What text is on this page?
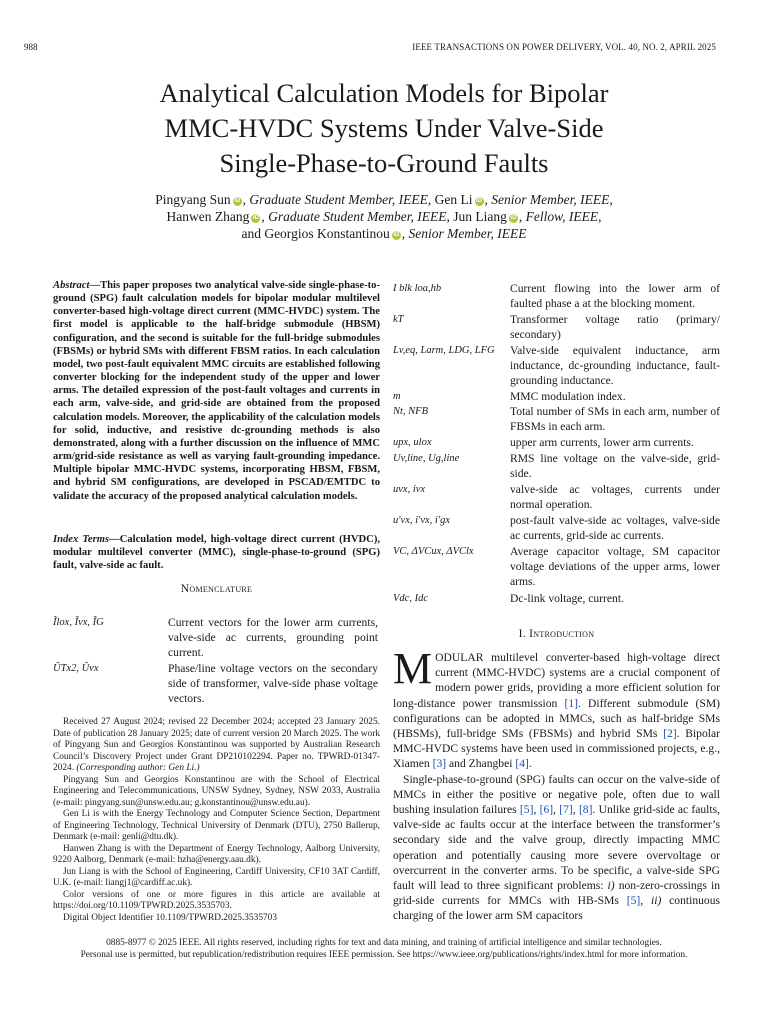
988	IEEE TRANSACTIONS ON POWER DELIVERY, VOL. 40, NO. 2, APRIL 2025
Analytical Calculation Models for Bipolar
MMC-HVDC Systems Under Valve-Side
Single-Phase-to-Ground Faults
Pingyang Sun iD , Graduate Student Member, IEEE, Gen Li iD , Senior Member, IEEE,
Hanwen Zhang iD , Graduate Student Member, IEEE, Jun Liang iD , Fellow, IEEE,
and Georgios Konstantinou iD , Senior Member, IEEE
Abstract—This paper proposes two analytical valve-side single-phase-to-ground (SPG) fault calculation models for bipolar modular multilevel converter-based high-voltage direct current (MMC-HVDC) system. The first model is applicable to the half-bridge submodule (HBSM) configuration, and the second is suitable for the full-bridge submodules (FBSMs) or hybrid SMs with different FBSM ratios. In each calculation model, two post-fault equivalent MMC circuits are established following converter blocking for the independent study of the upper and lower arms. The detailed expression of the post-fault voltages and currents in each arm, valve-side, and grid-side are obtained from the proposed calculation models. Moreover, the applicability of the calculation models for solid, inductive, and resistive dc-grounding methods is also demonstrated, along with a further discussion on the influence of MMC arm/grid-side resistance as well as varying fault-grounding impedance. Multiple bipolar MMC-HVDC systems, incorporating HBSM, FBSM, and hybrid SM configurations, are developed in PSCAD/EMTDC to validate the accuracy of the proposed analytical calculation models.
Index Terms—Calculation model, high-voltage direct current (HVDC), modular multilevel converter (MMC), single-phase-to-ground (SPG) fault, valve-side ac fault.
Nomenclature
Ĩlox, Ĩvx, ĨG	Current vectors for the lower arm currents, valve-side ac currents, grounding point current.
ŨTx2, Ũvx	Phase/line voltage vectors on the secondary side of transformer, valve-side phase voltage vectors.
I blk loa,hb	Current flowing into the lower arm of faulted phase a at the blocking moment.
kT	Transformer voltage ratio (primary/ secondary)
Lv,eq, Larm, LDG, LFG	Valve-side equivalent inductance, arm inductance, dc-grounding inductance, fault-grounding inductance.
m	MMC modulation index.
Nt, NFB	Total number of SMs in each arm, number of FBSMs in each arm.
upx, ulox	upper arm currents, lower arm currents.
Uv,line, Ug,line	RMS line voltage on the valve-side, grid-side.
uvx, ivx	valve-side ac voltages, currents under normal operation.
u′vx, i′vx, i′gx	post-fault valve-side ac voltages, valve-side ac currents, grid-side ac currents.
VC, ΔVCux, ΔVClx	Average capacitor voltage, SM capacitor voltage deviations of the upper arms, lower arms.
Vdc, Idc	Dc-link voltage, current.

Received 27 August 2024; revised 22 December 2024; accepted 23 January 2025. Date of publication 28 January 2025; date of current version 20 March 2025. The work of Pingyang Sun and Georgios Konstantinou was supported by Australian Research Council’s Discovery Project under Grant DP210102294. Paper no. TPWRD-01347-2024. (Corresponding author: Gen Li.)

Pingyang Sun and Georgios Konstantinou are with the School of Electrical Engineering and Telecommunications, UNSW Sydney, Sydney, NSW 2033, Australia (e-mail: pingyang.sun@unsw.edu.au; g.konstantinou@unsw.edu.au).

Gen Li is with the Energy Technology and Computer Science Section, Department of Engineering Technology, Technical University of Denmark (DTU), 2750 Ballerup, Denmark (e-mail: genli@dtu.dk).

Hanwen Zhang is with the Department of Energy Technology, Aalborg University, 9220 Aalborg, Denmark (e-mail: hzha@energy.aau.dk).

Jun Liang is with the School of Engineering, Cardiff University, CF10 3AT Cardiff, U.K. (e-mail: liangj1@cardiff.ac.uk).

Color versions of one or more figures in this article are available at https://doi.org/10.1109/TPWRD.2025.3535703.

Digital Object Identifier 10.1109/TPWRD.2025.3535703

I. Introduction

MODULAR multilevel converter-based high-voltage direct current (MMC-HVDC) systems are a crucial component of modern power grids, providing a more efficient solution for long-distance power transmission [1]. Different submodule (SM) configurations can be adopted in MMCs, such as half-bridge SMs (HBSMs), full-bridge SMs (FBSMs) and hybrid SMs [2]. Bipolar MMC-HVDC systems have been used in commissioned projects, e.g., Xiamen [3] and Zhangbei [4].

Single-phase-to-ground (SPG) faults can occur on the valve-side of MMCs in either the positive or negative pole, often due to wall bushing insulation failures [5], [6], [7], [8]. Unlike grid-side ac faults, valve-side ac faults occur at the interface between the transformer’s secondary side and the valve group, directly impacting MMC operation and potentially causing more severe overvoltage or overcurrent in the converter arms. To be specific, a valve-side SPG fault will lead to three significant problems: i) non-zero-crossings in grid-side currents for MMCs with HB-SMs [5], ii) continuous charging of the lower arm SM capacitors

0885-8977 © 2025 IEEE. All rights reserved, including rights for text and data mining, and training of artificial intelligence and similar technologies.
Personal use is permitted, but republication/redistribution requires IEEE permission. See https://www.ieee.org/publications/rights/index.html for more information.
